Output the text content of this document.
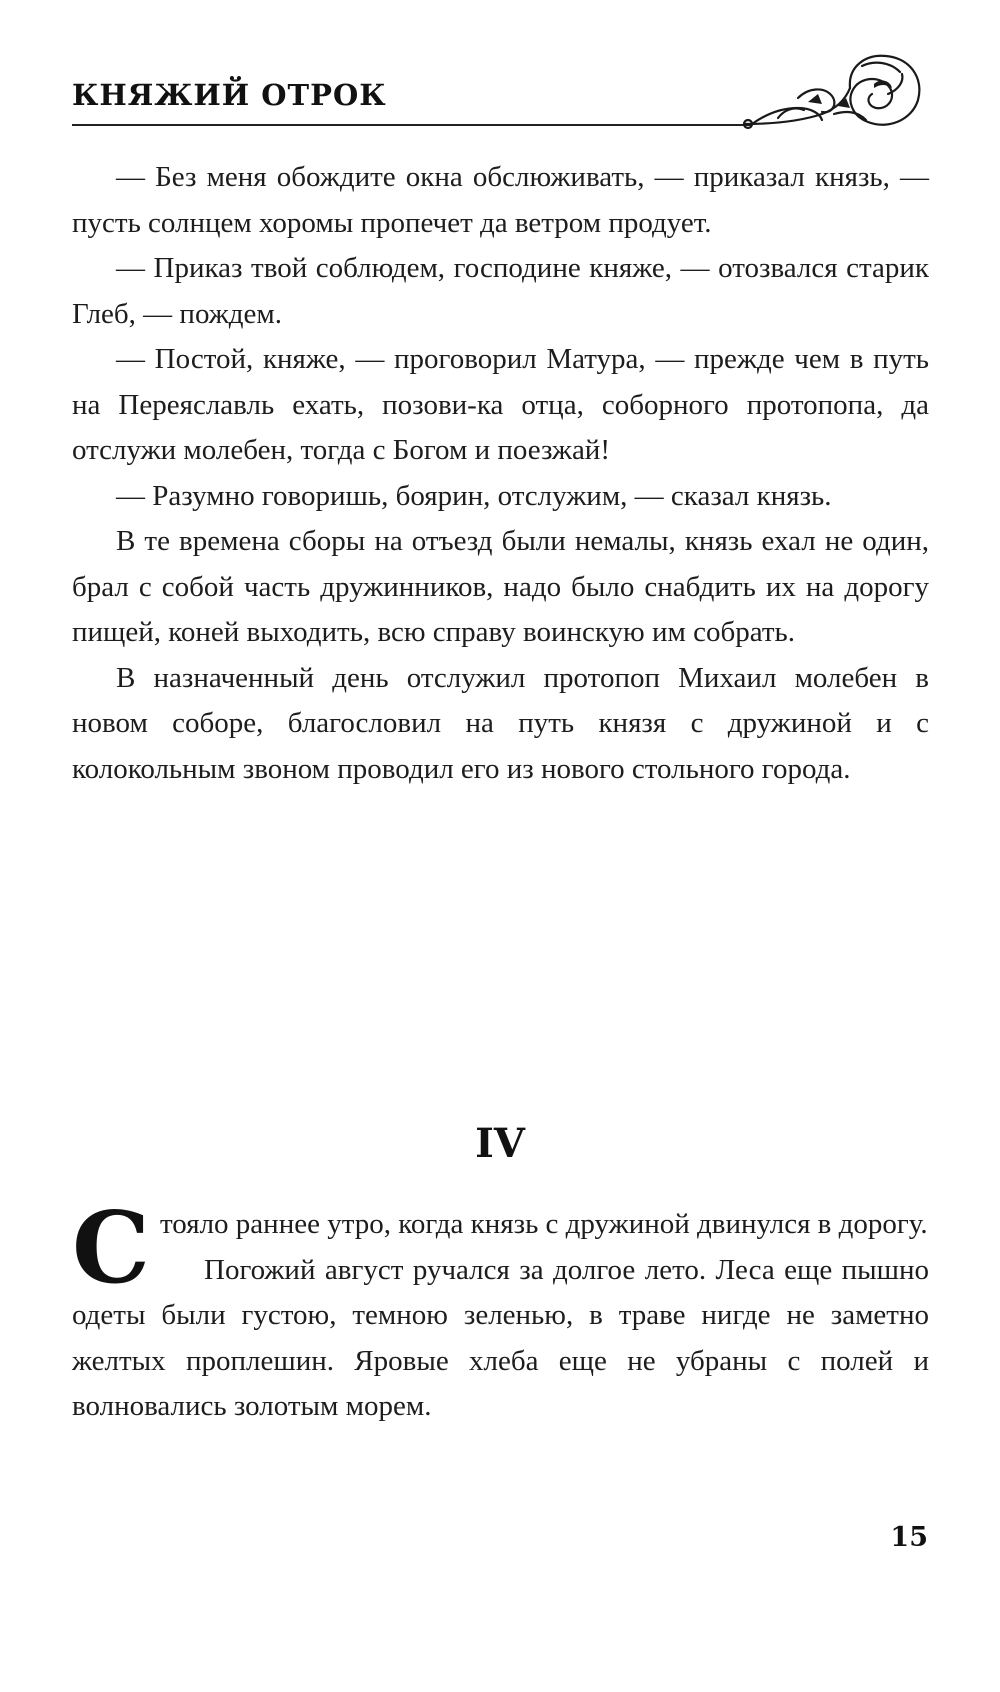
КНЯЖИЙ ОТРОК

— Без меня обождите окна обслюживать, — приказал князь, — пусть солнцем хоромы пропечет да ветром продует.

— Приказ твой соблюдем, господине княже, — отозвался старик Глеб, — пождем.

— Постой, княже, — проговорил Матура, — прежде чем в путь на Переяславль ехать, позови-ка отца, соборного протопопа, да отслужи молебен, тогда с Богом и поезжай!

— Разумно говоришь, боярин, отслужим, — сказал князь.

В те времена сборы на отъезд были немалы, князь ехал не один, брал с собой часть дружинников, надо было снабдить их на дорогу пищей, коней выходить, всю справу воинскую им собрать.

В назначенный день отслужил протопоп Михаил молебен в новом соборе, благословил на путь князя с дружиной и с колокольным звоном проводил его из нового стольного города.

IV

Стояло раннее утро, когда князь с дружиной двинулся в дорогу.

Погожий август ручался за долгое лето. Леса еще пышно одеты были густою, темною зеленью, в траве нигде не заметно желтых проплешин. Яровые хлеба еще не убраны с полей и волновались золотым морем.

15
